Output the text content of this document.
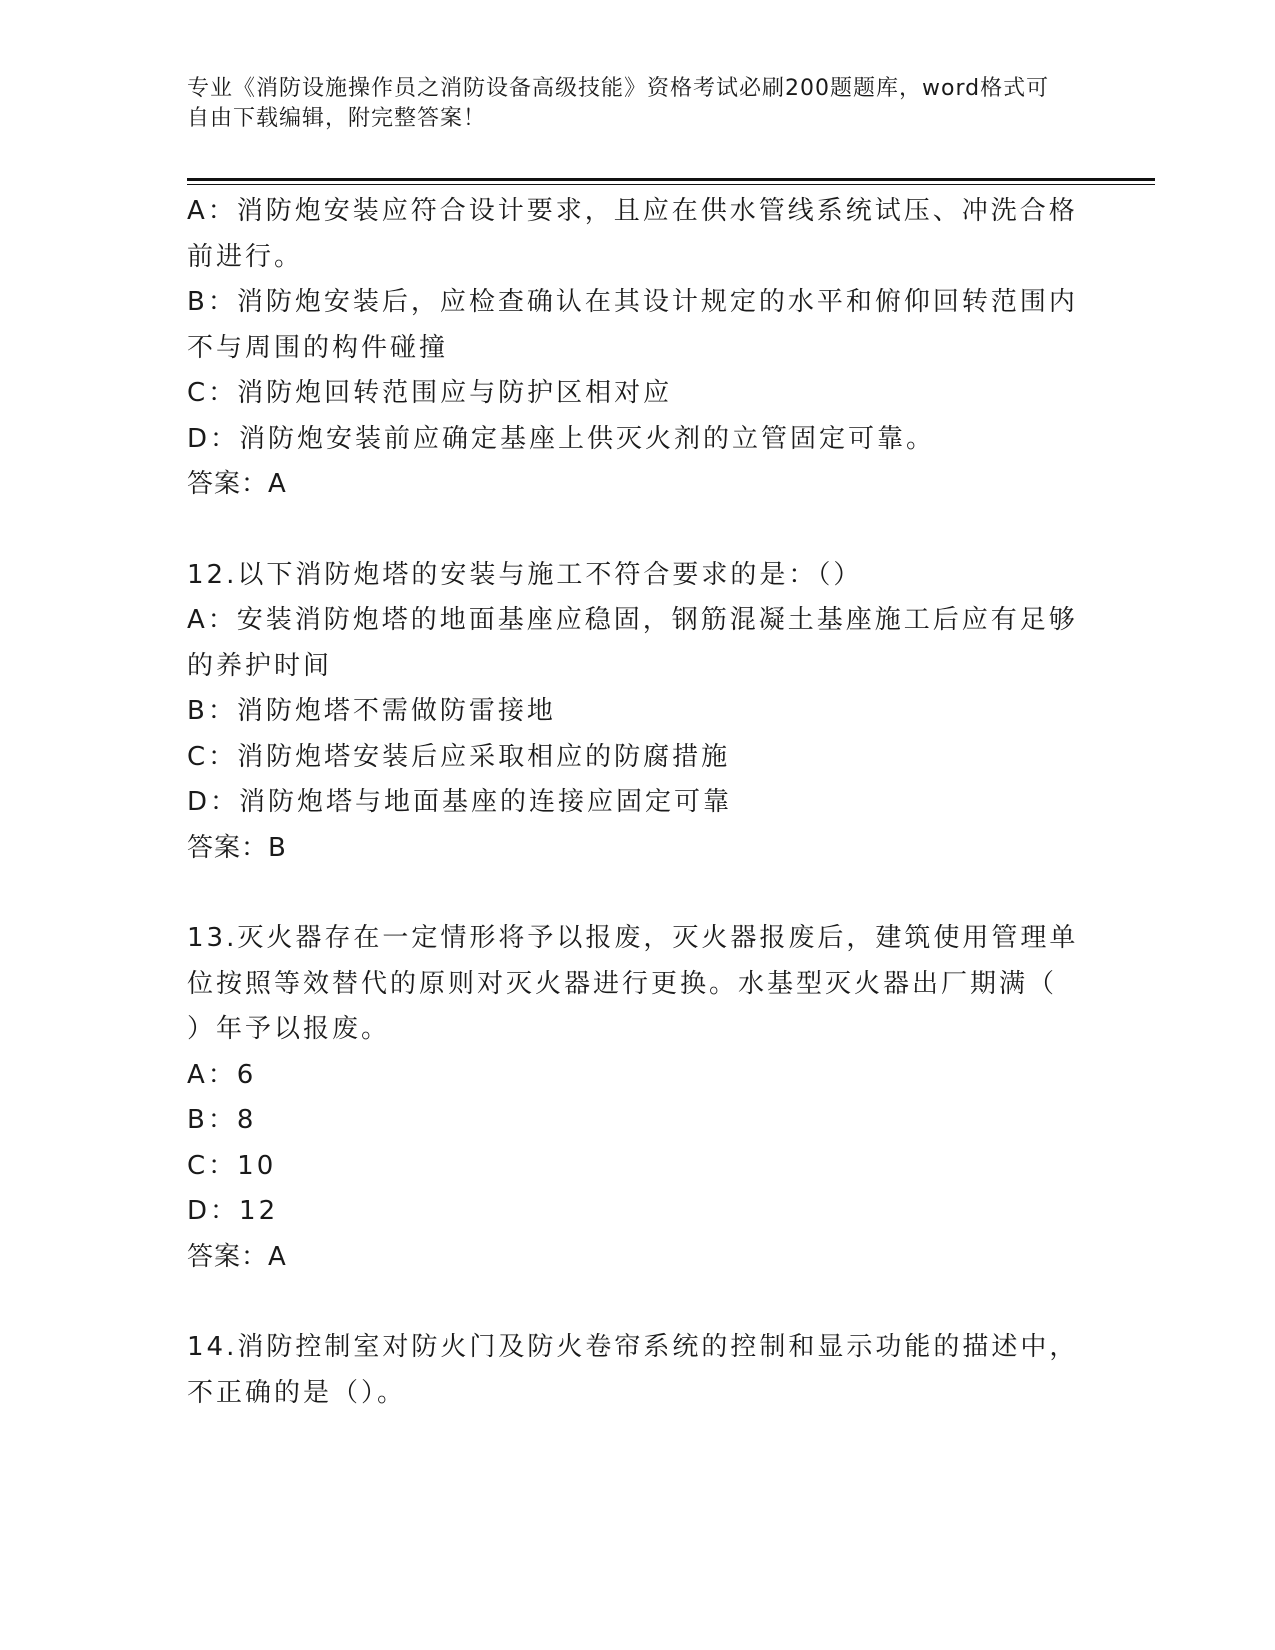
专业《消防设施操作员之消防设备高级技能》资格考试必刷200题题库，word格式可自由下载编辑，附完整答案！
A：消防炮安装应符合设计要求，且应在供水管线系统试压、冲洗合格
前进行。
B：消防炮安装后，应检查确认在其设计规定的水平和俯仰回转范围内
不与周围的构件碰撞
C：消防炮回转范围应与防护区相对应
D：消防炮安装前应确定基座上供灭火剂的立管固定可靠。
答案：A
12.以下消防炮塔的安装与施工不符合要求的是：（）
A：安装消防炮塔的地面基座应稳固，钢筋混凝土基座施工后应有足够
的养护时间
B：消防炮塔不需做防雷接地
C：消防炮塔安装后应采取相应的防腐措施
D：消防炮塔与地面基座的连接应固定可靠
答案：B
13.灭火器存在一定情形将予以报废，灭火器报废后，建筑使用管理单
位按照等效替代的原则对灭火器进行更换。水基型灭火器出厂期满（
）年予以报废。
A：6
B：8
C：10
D：12
答案：A
14.消防控制室对防火门及防火卷帘系统的控制和显示功能的描述中，
不正确的是（）。
